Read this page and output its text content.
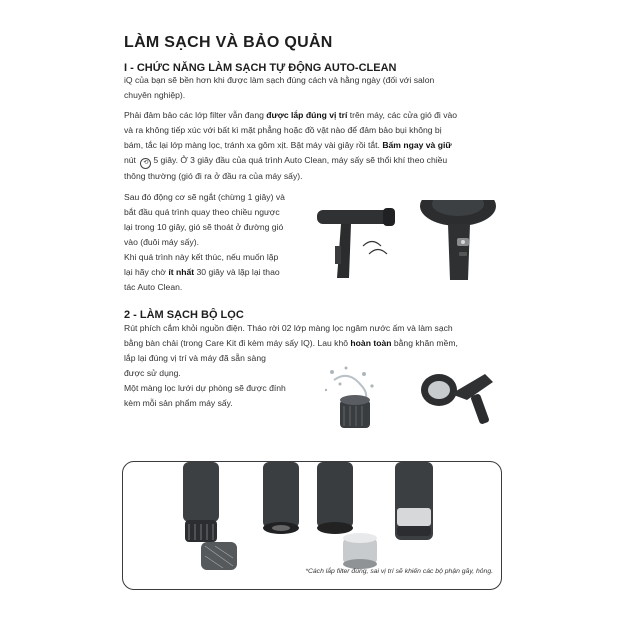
LÀM SẠCH VÀ BẢO QUẢN
I - CHỨC NĂNG LÀM SẠCH TỰ ĐỘNG AUTO-CLEAN
iQ của bạn sẽ bền hơn khi được làm sạch đúng cách và hằng ngày (đối với salon
chuyên nghiệp).
Phải đảm bảo các lớp filter vẫn đang được lắp đúng vị trí trên máy, các cửa gió đi vào
và ra không tiếp xúc với bất kì mặt phẳng hoặc đồ vật nào để đảm bảo bụi không bị
bám, tắc lại lớp màng lọc, tránh xa gôm xịt. Bật máy vài giây rồi tắt. Bấm ngay và giữ
nút ⟲ 5 giây. Ở 3 giây đầu của quá trình Auto Clean, máy sấy sẽ thổi khí theo chiều
thông thường (gió đi ra ở đầu ra của máy sấy).
Sau đó động cơ sẽ ngắt (chừng 1 giây) và
bắt đầu quá trình quay theo chiều ngược
lại trong 10 giây, gió sẽ thoát ở đường gió
vào (đuôi máy sấy).
Khi quá trình này kết thúc, nếu muốn lặp
lại hãy chờ ít nhất 30 giây và lặp lại thao
tác Auto Clean.
2 - LÀM SẠCH BỘ LỌC
Rút phích cắm khỏi nguồn điện. Tháo rời 02 lớp màng lọc ngâm nước ấm và làm sạch
bằng bàn chải (trong Care Kit đi kèm máy sấy IQ). Lau khô hoàn toàn bằng khăn mềm,
lắp lại đúng vị trí và máy đã sẵn sàng
được sử dụng.
Một màng lọc lưới dự phòng sẽ được đính
kèm mỗi sản phẩm máy sấy.
*Cách lắp filter đúng, sai vị trí sẽ khiến các bộ phận gãy, hỏng.
